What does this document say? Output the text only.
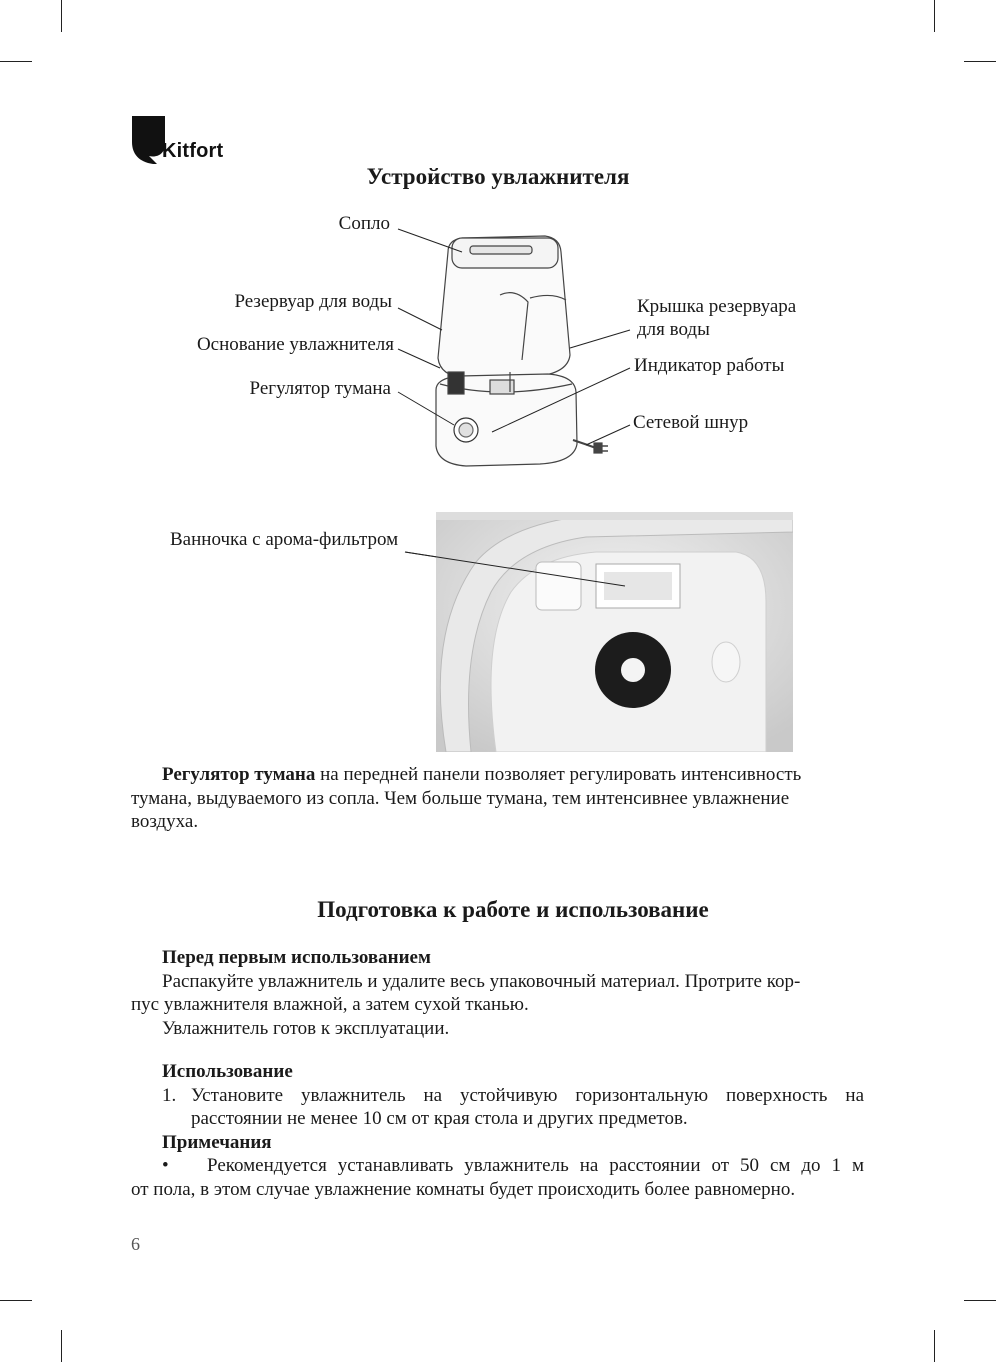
Kitfort
Устройство увлажнителя
Сопло
Резервуар для воды
Основание увлажнителя
Регулятор тумана
Крышка резервуара
для воды
Индикатор работы
Сетевой шнур
Ванночка с арома-фильтром
Регулятор тумана на передней панели позволяет регулировать интенсивность
тумана, выдуваемого из сопла. Чем больше тумана, тем интенсивнее увлажнение
воздуха.
Подготовка к работе и использование
Перед первым использованием
Распакуйте увлажнитель и удалите весь упаковочный материал. Протрите кор-
пус увлажнителя влажной, а затем сухой тканью.
Увлажнитель готов к эксплуатации.
Использование
1. Установите увлажнитель на устойчивую горизонтальную поверхность на
расстоянии не менее 10 см от края стола и других предметов.
Примечания
•	Рекомендуется устанавливать увлажнитель на расстоянии от 50 см до 1 м
от пола, в этом случае увлажнение комнаты будет происходить более равномерно.
6
